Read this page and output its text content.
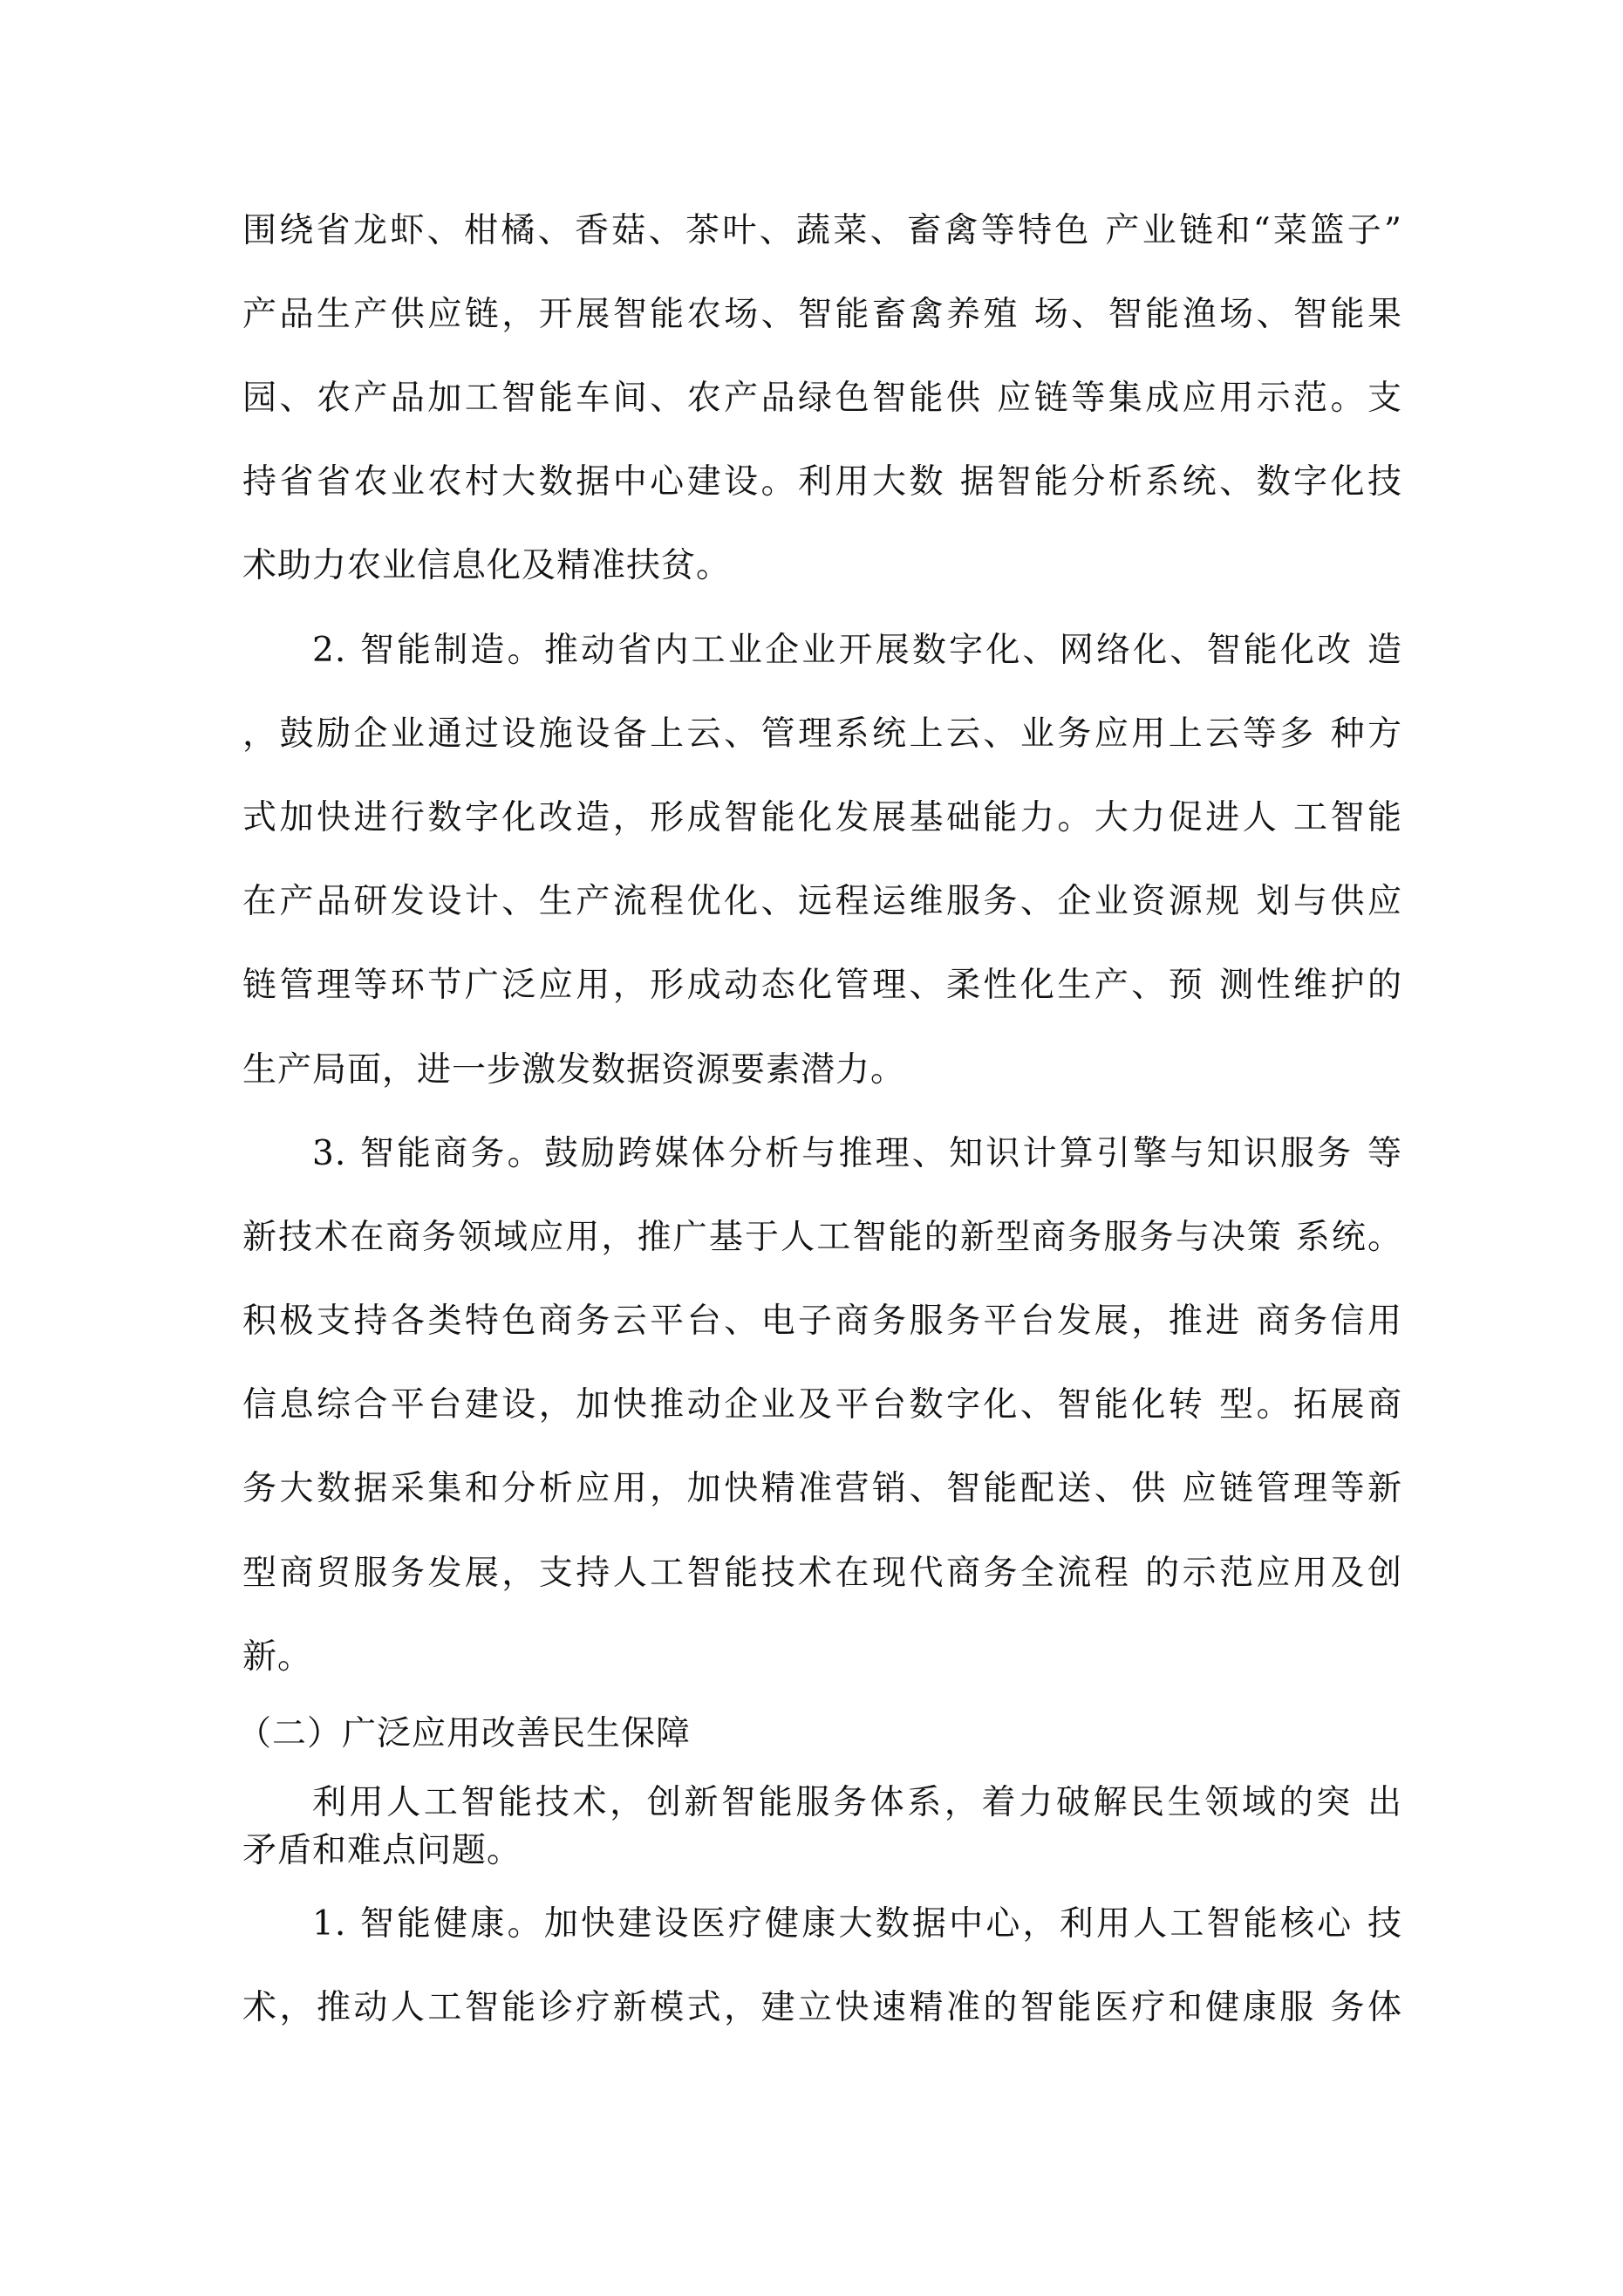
围绕省龙虾、柑橘、香菇、茶叶、蔬菜、畜禽等特色 产业链和“菜篮子”
产品生产供应链，开展智能农场、智能畜禽养殖 场、智能渔场、智能果
园、农产品加工智能车间、农产品绿色智能供 应链等集成应用示范。支
持省省农业农村大数据中心建设。利用大数 据智能分析系统、数字化技
术助力农业信息化及精准扶贫。
2. 智能制造。推动省内工业企业开展数字化、网络化、智能化改 造
，鼓励企业通过设施设备上云、管理系统上云、业务应用上云等多 种方
式加快进行数字化改造，形成智能化发展基础能力。大力促进人 工智能
在产品研发设计、生产流程优化、远程运维服务、企业资源规 划与供应
链管理等环节广泛应用，形成动态化管理、柔性化生产、预 测性维护的
生产局面，进一步激发数据资源要素潜力。
3. 智能商务。鼓励跨媒体分析与推理、知识计算引擎与知识服务 等
新技术在商务领域应用，推广基于人工智能的新型商务服务与决策 系统。
积极支持各类特色商务云平台、电子商务服务平台发展，推进 商务信用
信息综合平台建设，加快推动企业及平台数字化、智能化转 型。拓展商
务大数据采集和分析应用，加快精准营销、智能配送、供 应链管理等新
型商贸服务发展，支持人工智能技术在现代商务全流程 的示范应用及创
新。
（二）广泛应用改善民生保障
利用人工智能技术，创新智能服务体系，着力破解民生领域的突 出
矛盾和难点问题。
1. 智能健康。加快建设医疗健康大数据中心，利用人工智能核心 技
术，推动人工智能诊疗新模式，建立快速精准的智能医疗和健康服 务体
